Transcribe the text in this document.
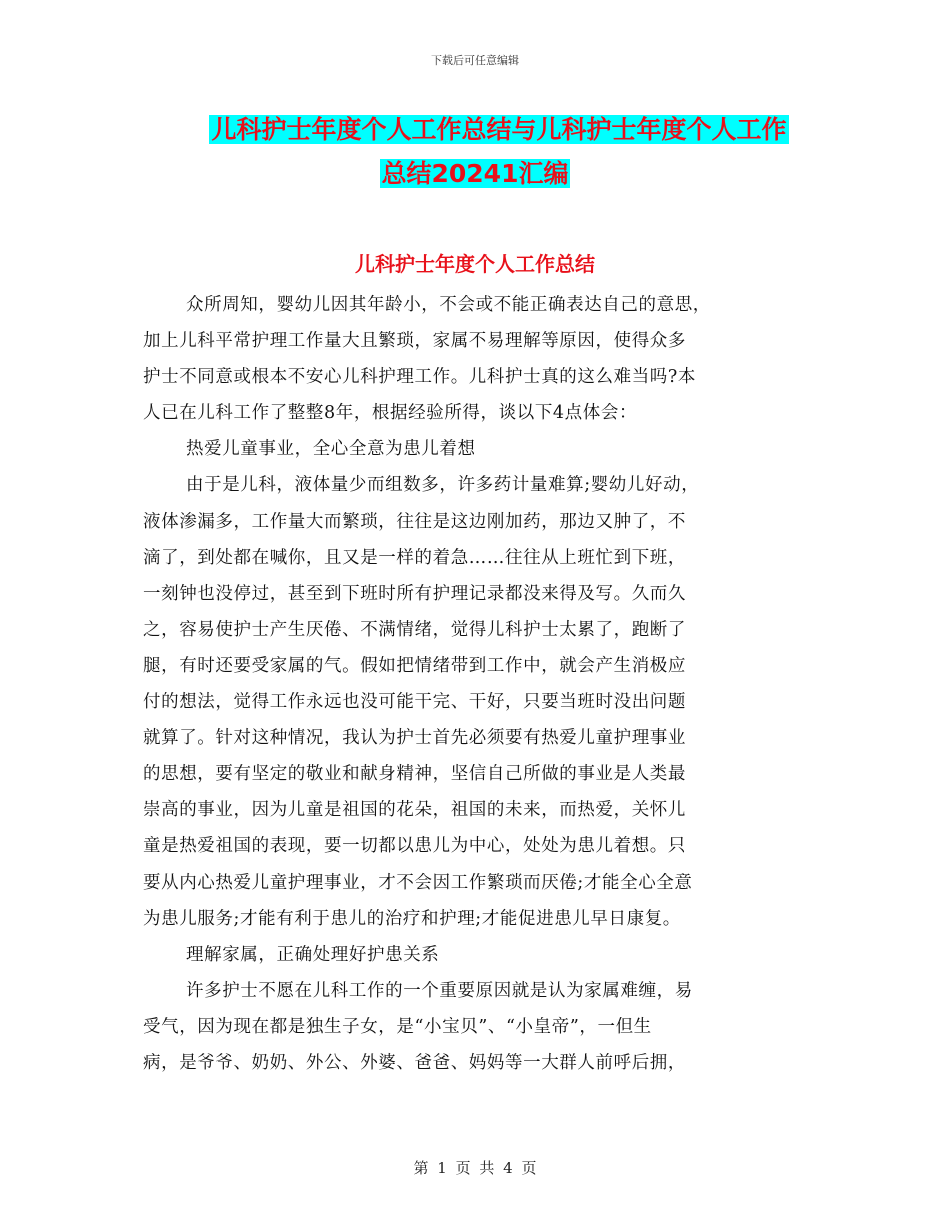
下载后可任意编辑
儿科护士年度个人工作总结与儿科护士年度个人工作
总结20241汇编
儿科护士年度个人工作总结
众所周知，婴幼儿因其年龄小，不会或不能正确表达自己的意思，
加上儿科平常护理工作量大且繁琐，家属不易理解等原因，使得众多
护士不同意或根本不安心儿科护理工作。儿科护士真的这么难当吗?本
人已在儿科工作了整整8年，根据经验所得，谈以下4点体会：
热爱儿童事业，全心全意为患儿着想
由于是儿科，液体量少而组数多，许多药计量难算;婴幼儿好动，
液体渗漏多，工作量大而繁琐，往往是这边刚加药，那边又肿了，不
滴了，到处都在喊你，且又是一样的着急……往往从上班忙到下班，
一刻钟也没停过，甚至到下班时所有护理记录都没来得及写。久而久
之，容易使护士产生厌倦、不满情绪，觉得儿科护士太累了，跑断了
腿，有时还要受家属的气。假如把情绪带到工作中，就会产生消极应
付的想法，觉得工作永远也没可能干完、干好，只要当班时没出问题
就算了。针对这种情况，我认为护士首先必须要有热爱儿童护理事业
的思想，要有坚定的敬业和献身精神，坚信自己所做的事业是人类最
崇高的事业，因为儿童是祖国的花朵，祖国的未来，而热爱，关怀儿
童是热爱祖国的表现，要一切都以患儿为中心，处处为患儿着想。只
要从内心热爱儿童护理事业，才不会因工作繁琐而厌倦;才能全心全意
为患儿服务;才能有利于患儿的治疗和护理;才能促进患儿早日康复。
理解家属，正确处理好护患关系
许多护士不愿在儿科工作的一个重要原因就是认为家属难缠，易
受气，因为现在都是独生子女，是“小宝贝”、“小皇帝”，一但生
病，是爷爷、奶奶、外公、外婆、爸爸、妈妈等一大群人前呼后拥，
第 1 页 共 4 页
